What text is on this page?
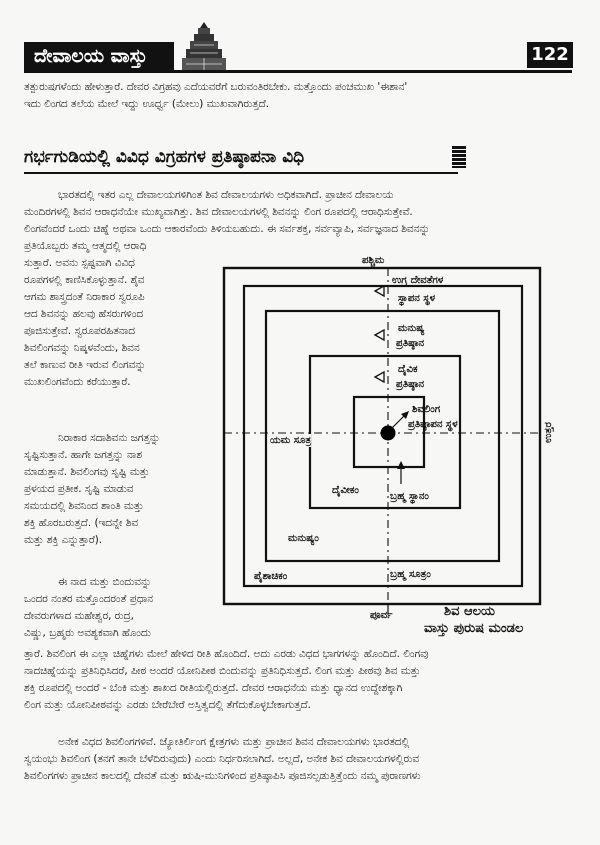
ದೇವಾಲಯ ವಾಸ್ತು	122
ತತ್ಪುರುಷಗಳೆಂದು ಹೇಳುತ್ತಾರೆ. ದೇವರ ವಿಗ್ರಹವು ಎದೆಯವರೆಗೆ ಬರುವಂತಿರಬೇಕು. ಮತ್ತೊಂದು ಪಂಚಮುಖ 'ಈಶಾನ'
ಇದು ಲಿಂಗದ ತಲೆಯ ಮೇಲೆ ಇದ್ದು ಊರ್ಧ್ವ (ಮೇಲು) ಮುಖವಾಗಿರುತ್ತದೆ.
ಗರ್ಭಗುಡಿಯಲ್ಲಿ ವಿವಿಧ ವಿಗ್ರಹಗಳ ಪ್ರತಿಷ್ಠಾಪನಾ ವಿಧಿ
ಭಾರತದಲ್ಲಿ ಇತರ ಎಲ್ಲ ದೇವಾಲಯಗಳಿಗಿಂತ ಶಿವ ದೇವಾಲಯಗಳು ಅಧಿಕವಾಗಿದೆ. ಪ್ರಾಚೀನ ದೇವಾಲಯ
ಮಂದಿರಗಳಲ್ಲಿ ಶಿವನ ಆರಾಧನೆಯೇ ಮುಖ್ಯವಾಗಿತ್ತು. ಶಿವ ದೇವಾಲಯಗಳಲ್ಲಿ ಶಿವನನ್ನು ಲಿಂಗ ರೂಪದಲ್ಲಿ ಆರಾಧಿಸುತ್ತೇವೆ.
ಲಿಂಗವೆಂದರೆ ಒಂದು ಚಿಹ್ನೆ ಅಥವಾ ಒಂದು ಆಕಾರವೆಂದು ತಿಳಿಯಬಹುದು. ಈ ಸರ್ವಶಕ್ತ, ಸರ್ವವ್ಯಾಪಿ, ಸರ್ವಜ್ಞನಾದ ಶಿವನನ್ನು
ಪ್ರತಿಯೊಬ್ಬರು ತಮ್ಮ ಆತ್ಮದಲ್ಲಿ ಆರಾಧಿ
ಸುತ್ತಾರೆ. ಅವನು ಸ್ಪಷ್ಟವಾಗಿ ವಿವಿಧ
ರೂಪಗಳಲ್ಲಿ ಕಾಣಿಸಿಕೊಳ್ಳುತ್ತಾನೆ. ಶೈವ
ಆಗಮ ಶಾಸ್ತ್ರದಂತೆ ನಿರಾಕಾರ ಸ್ವರೂಪಿ
ಆದ ಶಿವನನ್ನು ಹಲವು ಹೆಸರುಗಳಿಂದ
ಪೂಜಿಸುತ್ತೇವೆ. ಸ್ವರೂಪರಹಿತನಾದ
ಶಿವಲಿಂಗವನ್ನು ನಿಷ್ಕಳವೆಂದು, ಶಿವನ
ತಲೆ ಕಾಣುವ ರೀತಿ ಇರುವ ಲಿಂಗವನ್ನು
ಮುಖಲಿಂಗವೆಂದು ಕರೆಯುತ್ತಾರೆ.
ನಿರಾಕಾರ ಸದಾಶಿವನು ಜಗತ್ತನ್ನು
ಸೃಷ್ಟಿಸುತ್ತಾನೆ. ಹಾಗೇ ಜಗತ್ತನ್ನು ನಾಶ
ಮಾಡುತ್ತಾನೆ. ಶಿವಲಿಂಗವು ಸೃಷ್ಟಿ ಮತ್ತು
ಪ್ರಳಯದ ಪ್ರತೀಕ. ಸೃಷ್ಟಿ ಮಾಡುವ
ಸಮಯದಲ್ಲಿ ಶಿವನಿಂದ ಶಾಂತಿ ಮತ್ತು
ಶಕ್ತಿ ಹೊರಬರುತ್ತದೆ. (ಇದನ್ನೇ ಶಿವ
ಮತ್ತು ಶಕ್ತಿ ಎನ್ನುತ್ತಾರೆ).
ಈ ನಾದ ಮತ್ತು ಬಿಂದುವನ್ನು
ಒಂದರ ನಂತರ ಮತ್ತೊಂದರಂತೆ ಪ್ರಧಾನ
ದೇವರುಗಳಾದ ಮಹೇಶ್ವರ, ರುದ್ರ,
ವಿಷ್ಣು, ಬ್ರಹ್ಮರು ಅವಶ್ಯಕವಾಗಿ ಹೊಂದು
ತ್ತಾರೆ. ಶಿವಲಿಂಗ ಈ ಎಲ್ಲಾ ಚಿಹ್ನೆಗಳು ಮೇಲೆ ಹೇಳಿದ ರೀತಿ ಹೊಂದಿದೆ. ಅದು ಎರಡು ವಿಧದ ಭಾಗಗಳನ್ನು ಹೊಂದಿದೆ. ಲಿಂಗವು
ನಾದಚಿಹ್ನೆಯನ್ನು ಪ್ರತಿನಿಧಿಸಿದರೆ, ಪೀಠ ಅಂದರೆ ಯೋನಿಪೀಠ ಬಿಂದುವನ್ನು ಪ್ರತಿನಿಧಿಸುತ್ತದೆ. ಲಿಂಗ ಮತ್ತು ಪೀಠವು ಶಿವ ಮತ್ತು
ಶಕ್ತಿ ರೂಪದಲ್ಲಿ ಅಂದರೆ - ಬೆಂಕಿ ಮತ್ತು ಶಾಖದ ರೀತಿಯಲ್ಲಿರುತ್ತದೆ. ದೇವರ ಆರಾಧನೆಯ ಮತ್ತು ಧ್ಯಾನದ ಉದ್ದೇಶಕ್ಕಾಗಿ
ಲಿಂಗ ಮತ್ತು ಯೋನಿಪೀಠವನ್ನು ಎರಡು ಬೇರೆಬೇರೆ ಅಸ್ತಿತ್ವದಲ್ಲಿ ತೆಗೆದುಕೊಳ್ಳಬೇಕಾಗುತ್ತದೆ.
ಅನೇಕ ವಿಧದ ಶಿವಲಿಂಗಗಳಿವೆ. ಜ್ಯೋತಿರ್ಲಿಂಗ ಕ್ಷೇತ್ರಗಳು ಮತ್ತು ಪ್ರಾಚೀನ ಶಿವನ ದೇವಾಲಯಗಳು ಭಾರತದಲ್ಲಿ
ಸ್ವಯಂಭು ಶಿವಲಿಂಗ (ತನಗೆ ತಾನೇ ಬೆಳೆದಿರುವುದು) ಎಂದು ನಿರ್ಧರಿಸಲಾಗಿದೆ. ಅಲ್ಲದೆ, ಅನೇಕ ಶಿವ ದೇವಾಲಯಗಳಲ್ಲಿರುವ
ಶಿವಲಿಂಗಗಳು ಪ್ರಾಚೀನ ಕಾಲದಲ್ಲಿ ದೇವತೆ ಮತ್ತು ಋಷಿ-ಮುನಿಗಳಿಂದ ಪ್ರತಿಷ್ಠಾಪಿಸಿ ಪೂಜಿಸಲ್ಪಡುತ್ತಿತ್ತೆಂದು ನಮ್ಮ ಪುರಾಣಗಳು
ಪಶ್ಚಿಮ
ಉತ್ತರ
ಪೂರ್ವ
ಉಗ್ರ ದೇವತೆಗಳ
ಸ್ಥಾಪನ ಸ್ಥಳ
ಮನುಷ್ಯ
ಪ್ರತಿಷ್ಠಾನ
ದೈವಿಕ
ಪ್ರತಿಷ್ಠಾನ
ಶಿವಲಿಂಗ
ಪ್ರತಿಷ್ಠಾಪನ ಸ್ಥಳ
ಯಮ ಸೂತ್ರ
ಬ್ರಹ್ಮ ಸ್ಥಾನಂ
ಬ್ರಹ್ಮ ಸೂತ್ರಂ
ದೈವೀಕಂ
ಮನುಷ್ಯಂ
ಪೈಶಾಚಿಕಂ
ಶಿವ ಆಲಯ
ವಾಸ್ತು ಪುರುಷ ಮಂಡಲ
